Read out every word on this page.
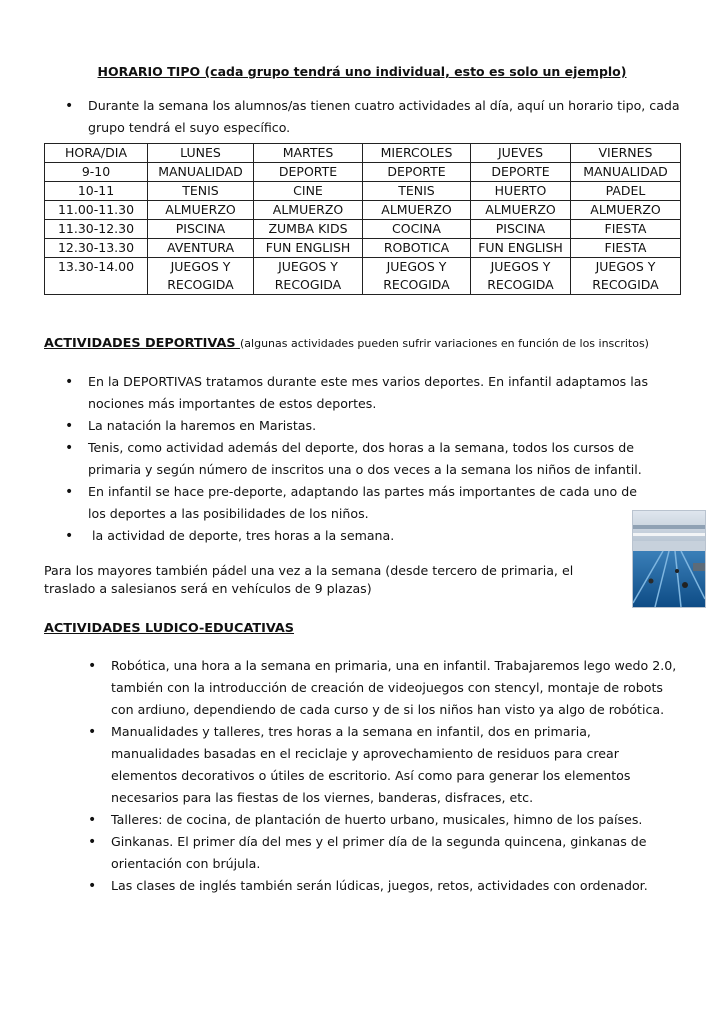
HORARIO TIPO (cada grupo tendrá uno individual, esto es solo un ejemplo)
• Durante la semana los alumnos/as tienen cuatro actividades al día, aquí un horario tipo, cada grupo tendrá el suyo específico.
HORA/DIA	LUNES	MARTES	MIERCOLES	JUEVES	VIERNES
9-10	MANUALIDAD	DEPORTE	DEPORTE	DEPORTE	MANUALIDAD
10-11	TENIS	CINE	TENIS	HUERTO	PADEL
11.00-11.30	ALMUERZO	ALMUERZO	ALMUERZO	ALMUERZO	ALMUERZO
11.30-12.30	PISCINA	ZUMBA KIDS	COCINA	PISCINA	FIESTA
12.30-13.30	AVENTURA	FUN ENGLISH	ROBOTICA	FUN ENGLISH	FIESTA
13.30-14.00	JUEGOS Y RECOGIDA	JUEGOS Y RECOGIDA	JUEGOS Y RECOGIDA	JUEGOS Y RECOGIDA	JUEGOS Y RECOGIDA
ACTIVIDADES DEPORTIVAS (algunas actividades pueden sufrir variaciones en función de los inscritos)
• En la DEPORTIVAS tratamos durante este mes varios deportes. En infantil adaptamos las nociones más importantes de estos deportes.
• La natación la haremos en Maristas.
• Tenis, como actividad además del deporte, dos horas a la semana, todos los cursos de primaria y según número de inscritos una o dos veces a la semana los niños de infantil.
• En infantil se hace pre-deporte, adaptando las partes más importantes de cada uno de los deportes a las posibilidades de los niños.
•  la actividad de deporte, tres horas a la semana.
Para los mayores también pádel una vez a la semana (desde tercero de primaria, el traslado a salesianos será en vehículos de 9 plazas)
ACTIVIDADES LUDICO-EDUCATIVAS
• Robótica, una hora a la semana en primaria, una en infantil. Trabajaremos lego wedo 2.0, también con la introducción de creación de videojuegos con stencyl, montaje de robots con ardiuno, dependiendo de cada curso y de si los niños han visto ya algo de robótica.
• Manualidades y talleres, tres horas a la semana en infantil, dos en primaria, manualidades basadas en el reciclaje y aprovechamiento de residuos para crear elementos decorativos o útiles de escritorio. Así como para generar los elementos necesarios para las fiestas de los viernes, banderas, disfraces, etc.
• Talleres: de cocina, de plantación de huerto urbano, musicales, himno de los países.
• Ginkanas. El primer día del mes y el primer día de la segunda quincena, ginkanas de orientación con brújula.
• Las clases de inglés también serán lúdicas, juegos, retos, actividades con ordenador.
